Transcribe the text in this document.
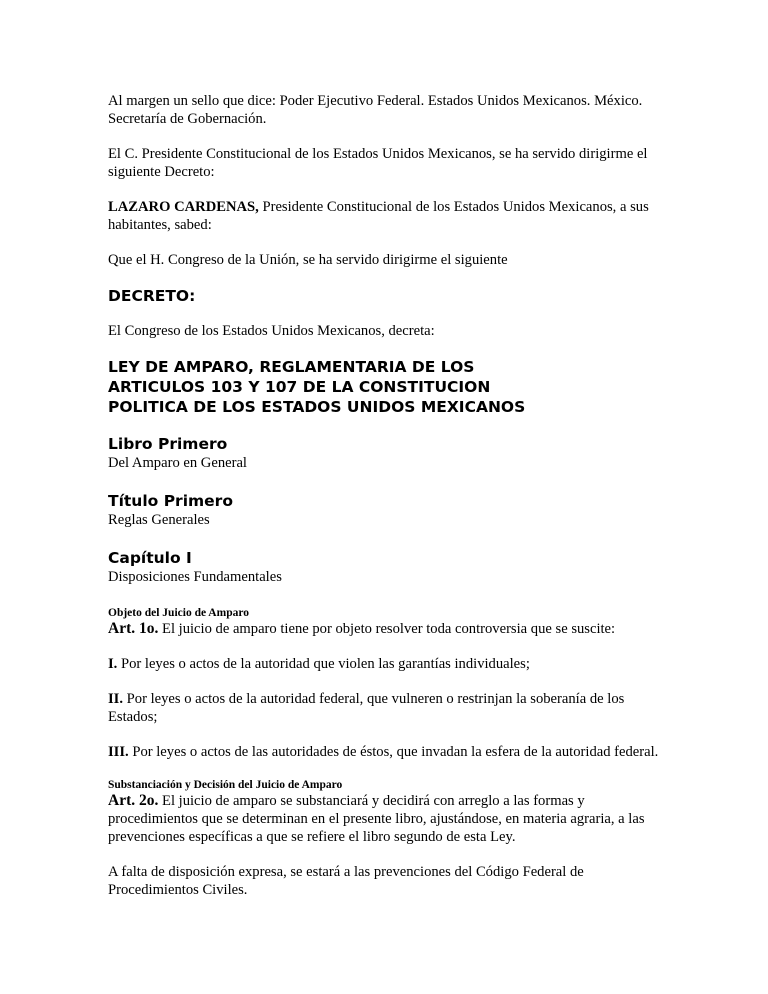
Al margen un sello que dice: Poder Ejecutivo Federal. Estados Unidos Mexicanos. México. Secretaría de Gobernación.

El C. Presidente Constitucional de los Estados Unidos Mexicanos, se ha servido dirigirme el siguiente Decreto:

LAZARO CARDENAS, Presidente Constitucional de los Estados Unidos Mexicanos, a sus habitantes, sabed:

Que el H. Congreso de la Unión, se ha servido dirigirme el siguiente

DECRETO:

El Congreso de los Estados Unidos Mexicanos, decreta:

LEY DE AMPARO, REGLAMENTARIA DE LOS ARTICULOS 103 Y 107 DE LA CONSTITUCION POLITICA DE LOS ESTADOS UNIDOS MEXICANOS
Libro Primero

Del Amparo en General

Título Primero

Reglas Generales

Capítulo I

Disposiciones Fundamentales

Objeto del Juicio de Amparo

Art. 1o. El juicio de amparo tiene por objeto resolver toda controversia que se suscite:

I. Por leyes o actos de la autoridad que violen las garantías individuales;

II. Por leyes o actos de la autoridad federal, que vulneren o restrinjan la soberanía de los Estados;

III. Por leyes o actos de las autoridades de éstos, que invadan la esfera de la autoridad federal.

Substanciación y Decisión del Juicio de Amparo

Art. 2o. El juicio de amparo se substanciará y decidirá con arreglo a las formas y procedimientos que se determinan en el presente libro, ajustándose, en materia agraria, a las prevenciones específicas a que se refiere el libro segundo de esta Ley.

A falta de disposición expresa, se estará a las prevenciones del Código Federal de Procedimientos Civiles.
